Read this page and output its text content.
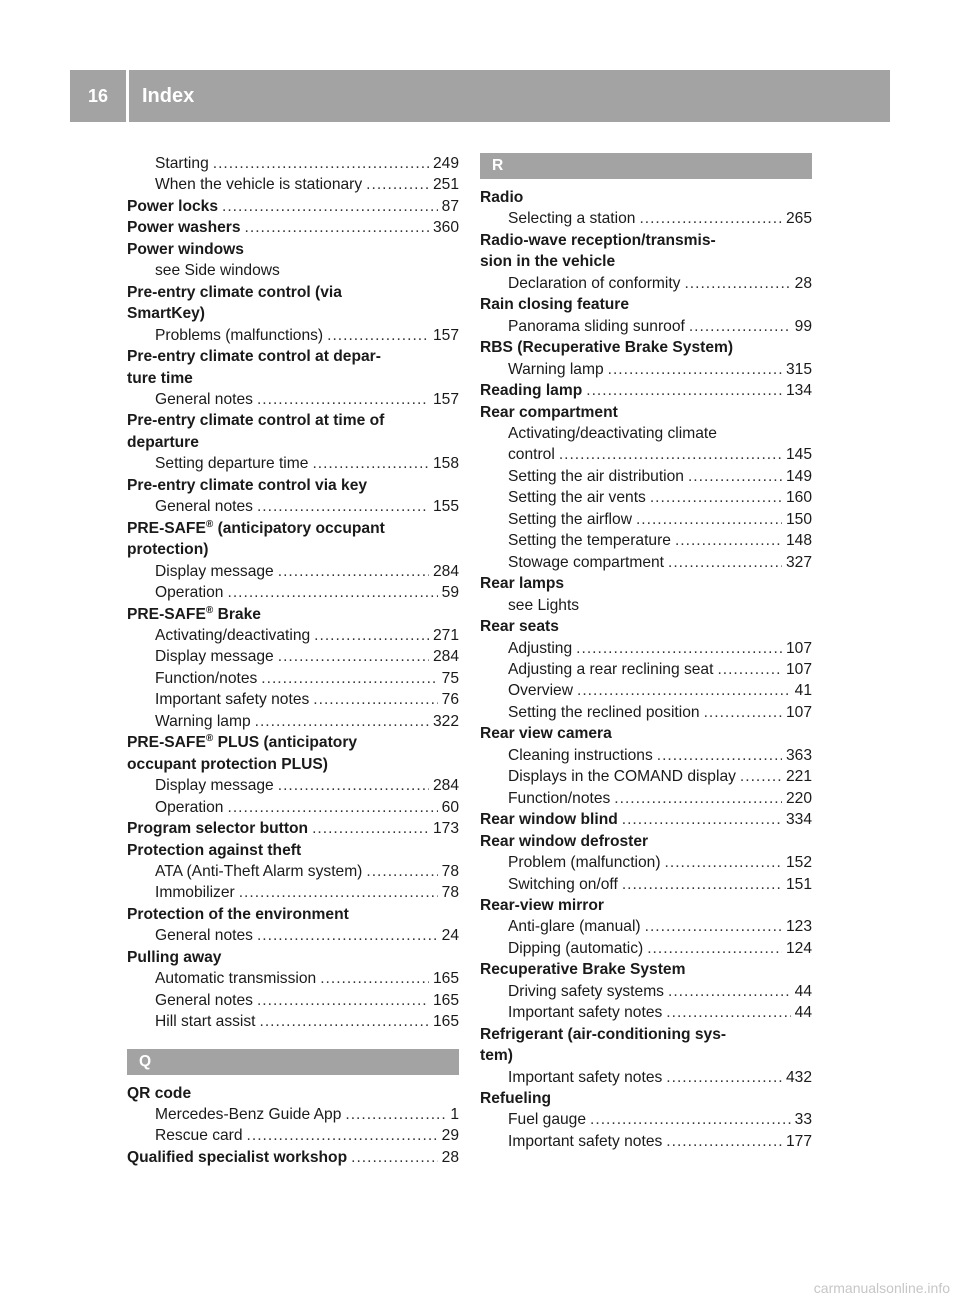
16	Index
Starting .....	249
When the vehicle is stationary .....	251
Power locks .....	87
Power washers .....	360
Power windows
see Side windows
Pre-entry climate control (via
SmartKey)
Problems (malfunctions) .....	157
Pre-entry climate control at depar-
ture time
General notes .....	157
Pre-entry climate control at time of
departure
Setting departure time .....	158
Pre-entry climate control via key
General notes .....	155
PRE-SAFE® (anticipatory occupant
protection)
Display message .....	284
Operation .....	59
PRE-SAFE® Brake
Activating/deactivating .....	271
Display message .....	284
Function/notes .....	75
Important safety notes .....	76
Warning lamp .....	322
PRE-SAFE® PLUS (anticipatory
occupant protection PLUS)
Display message .....	284
Operation .....	60
Program selector button .....	173
Protection against theft
ATA (Anti-Theft Alarm system) .....	78
Immobilizer .....	78
Protection of the environment
General notes .....	24
Pulling away
Automatic transmission .....	165
General notes .....	165
Hill start assist .....	165
Q
QR code
Mercedes-Benz Guide App .....	1
Rescue card .....	29
Qualified specialist workshop .....	28
R
Radio
Selecting a station .....	265
Radio-wave reception/transmis-
sion in the vehicle
Declaration of conformity .....	28
Rain closing feature
Panorama sliding sunroof .....	99
RBS (Recuperative Brake System)
Warning lamp .....	315
Reading lamp .....	134
Rear compartment
Activating/deactivating climate
control .....	145
Setting the air distribution .....	149
Setting the air vents .....	160
Setting the airflow .....	150
Setting the temperature .....	148
Stowage compartment .....	327
Rear lamps
see Lights
Rear seats
Adjusting .....	107
Adjusting a rear reclining seat .....	107
Overview .....	41
Setting the reclined position .....	107
Rear view camera
Cleaning instructions .....	363
Displays in the COMAND display .....	221
Function/notes .....	220
Rear window blind .....	334
Rear window defroster
Problem (malfunction) .....	152
Switching on/off .....	151
Rear-view mirror
Anti-glare (manual) .....	123
Dipping (automatic) .....	124
Recuperative Brake System
Driving safety systems .....	44
Important safety notes .....	44
Refrigerant (air-conditioning sys-
tem)
Important safety notes .....	432
Refueling
Fuel gauge .....	33
Important safety notes .....	177
carmanualsonline.info
